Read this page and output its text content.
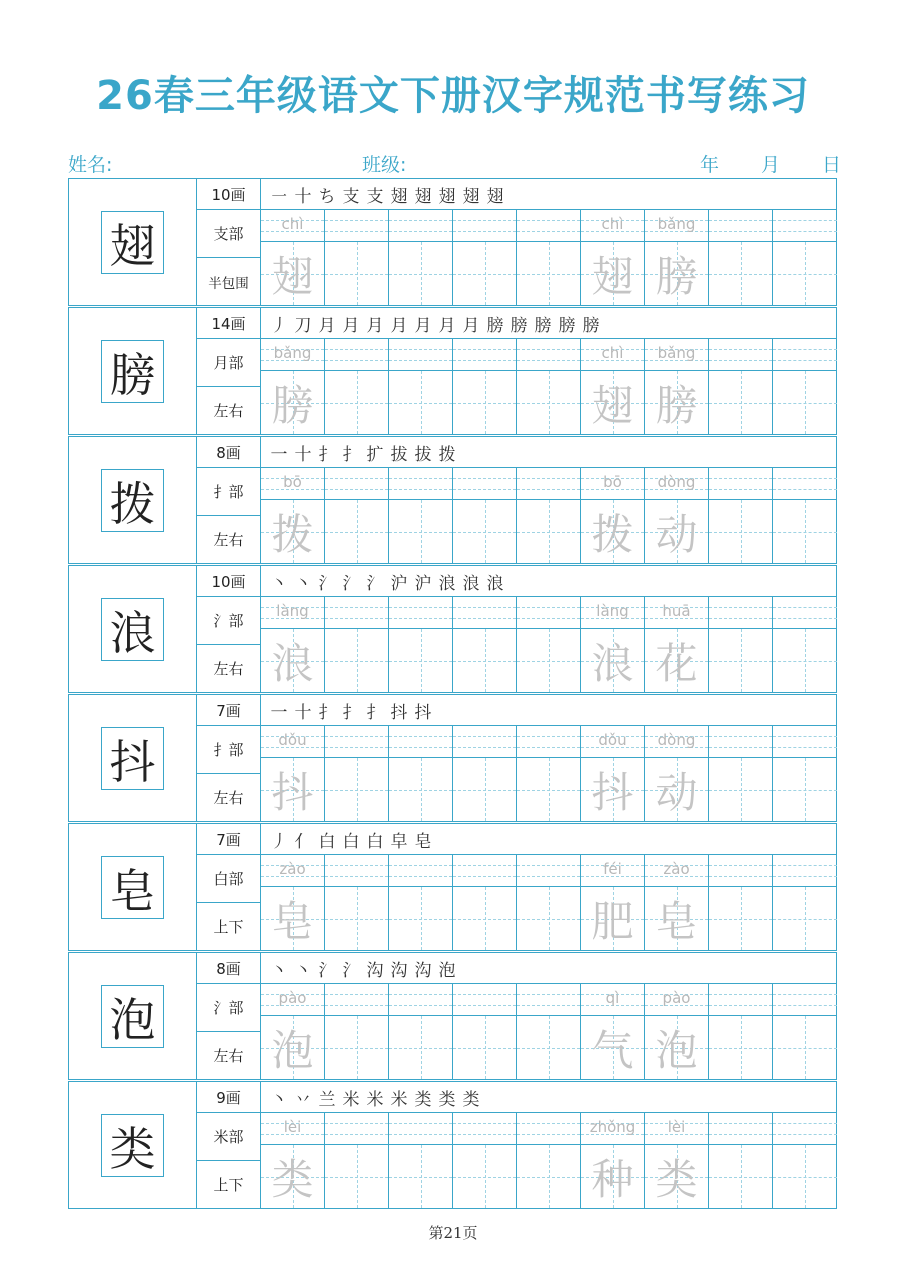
26春三年级语文下册汉字规范书写练习
姓名:	班级:	年 月 日
翅
10画
支部
半包围
㇐ 十 ち 支 支 翅 翅 翅 翅 翅
chì
翅
chì
翅
bǎng
膀
膀
14画
月部
左右
丿 刀 月 月 月 月 月 月 月 膀 膀 膀 膀 膀
bǎng
膀
chì
翅
bǎng
膀
拨
8画
扌部
左右
一 十 扌 扌 扩 拔 拔 拨
bō
拨
bō
拨
dòng
动
浪
10画
氵部
左右
丶 丶 氵 氵 氵 沪 沪 浪 浪 浪
làng
浪
làng
浪
huā
花
抖
7画
扌部
左右
一 十 扌 扌 扌 抖 抖
dǒu
抖
dǒu
抖
dòng
动
皂
7画
白部
上下
丿 亻 白 白 白 皁 皂
zào
皂
féi
肥
zào
皂
泡
8画
氵部
左右
丶 丶 氵 氵 沟 沟 沟 泡
pào
泡
qì
气
pào
泡
类
9画
米部
上下
丶 丷 兰 米 米 米 类 类 类
lèi
类
zhǒng
种
lèi
类
第21页
